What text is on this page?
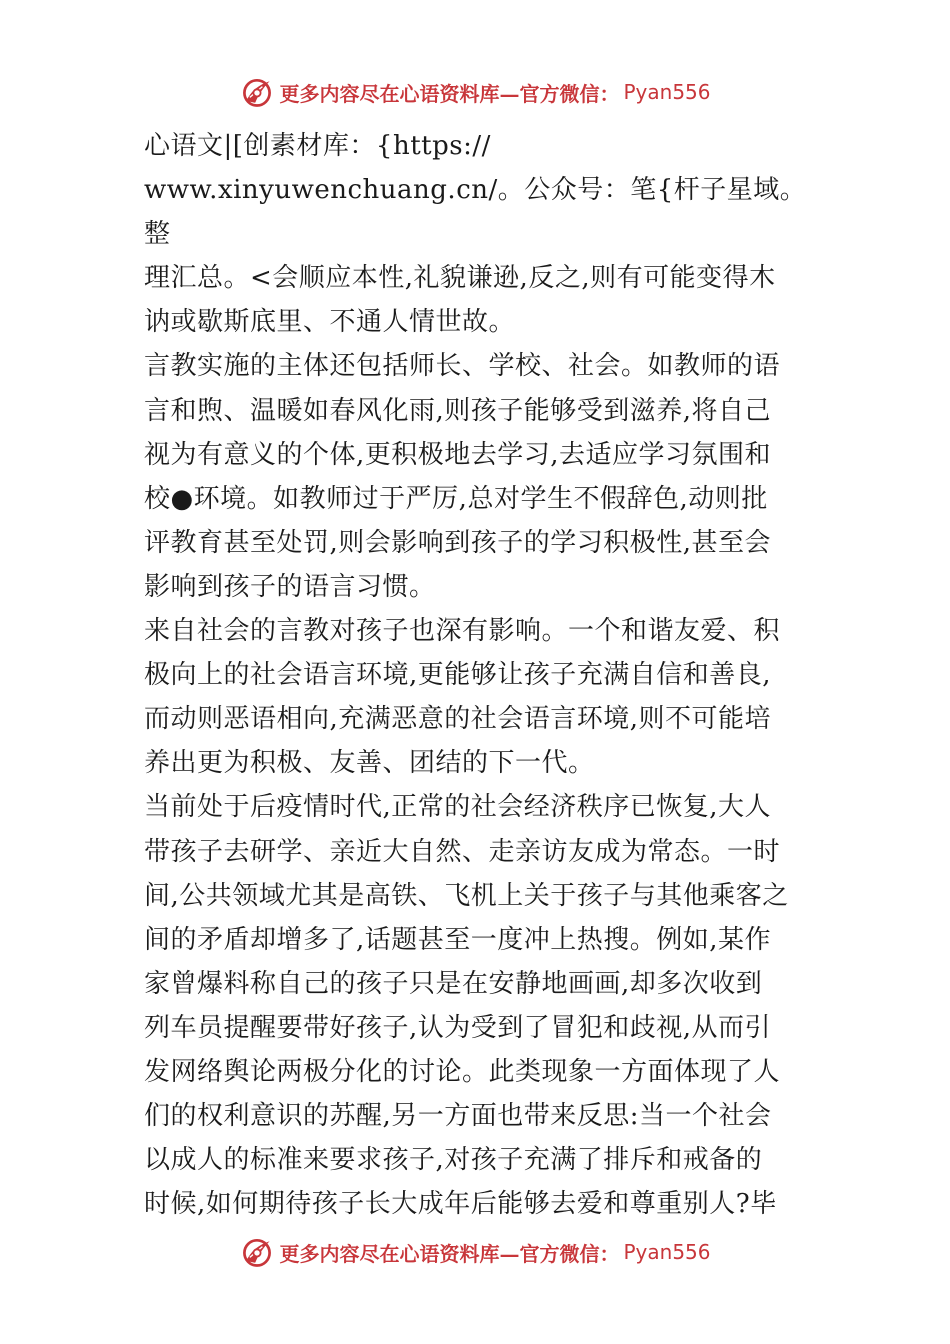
更多内容尽在心语资料库—官方微信： Pyan556

心语文|[创素材库：{https://
www.xinyuwenchuang.cn/。公众号：笔{杆子星域。整
理汇总。<会顺应本性,礼貌谦逊,反之,则有可能变得木
讷或歇斯底里、不通人情世故。

言教实施的主体还包括师长、学校、社会。如教师的语
言和煦、温暖如春风化雨,则孩子能够受到滋养,将自己
视为有意义的个体,更积极地去学习,去适应学习氛围和
校●环境。如教师过于严厉,总对学生不假辞色,动则批
评教育甚至处罚,则会影响到孩子的学习积极性,甚至会
影响到孩子的语言习惯。

来自社会的言教对孩子也深有影响。一个和谐友爱、积
极向上的社会语言环境,更能够让孩子充满自信和善良,
而动则恶语相向,充满恶意的社会语言环境,则不可能培
养出更为积极、友善、团结的下一代。

当前处于后疫情时代,正常的社会经济秩序已恢复,大人
带孩子去研学、亲近大自然、走亲访友成为常态。一时
间,公共领域尤其是高铁、飞机上关于孩子与其他乘客之
间的矛盾却增多了,话题甚至一度冲上热搜。例如,某作
家曾爆料称自己的孩子只是在安静地画画,却多次收到
列车员提醒要带好孩子,认为受到了冒犯和歧视,从而引
发网络舆论两极分化的讨论。此类现象一方面体现了人
们的权利意识的苏醒,另一方面也带来反思:当一个社会
以成人的标准来要求孩子,对孩子充满了排斥和戒备的
时候,如何期待孩子长大成年后能够去爱和尊重别人?毕

更多内容尽在心语资料库—官方微信： Pyan556
